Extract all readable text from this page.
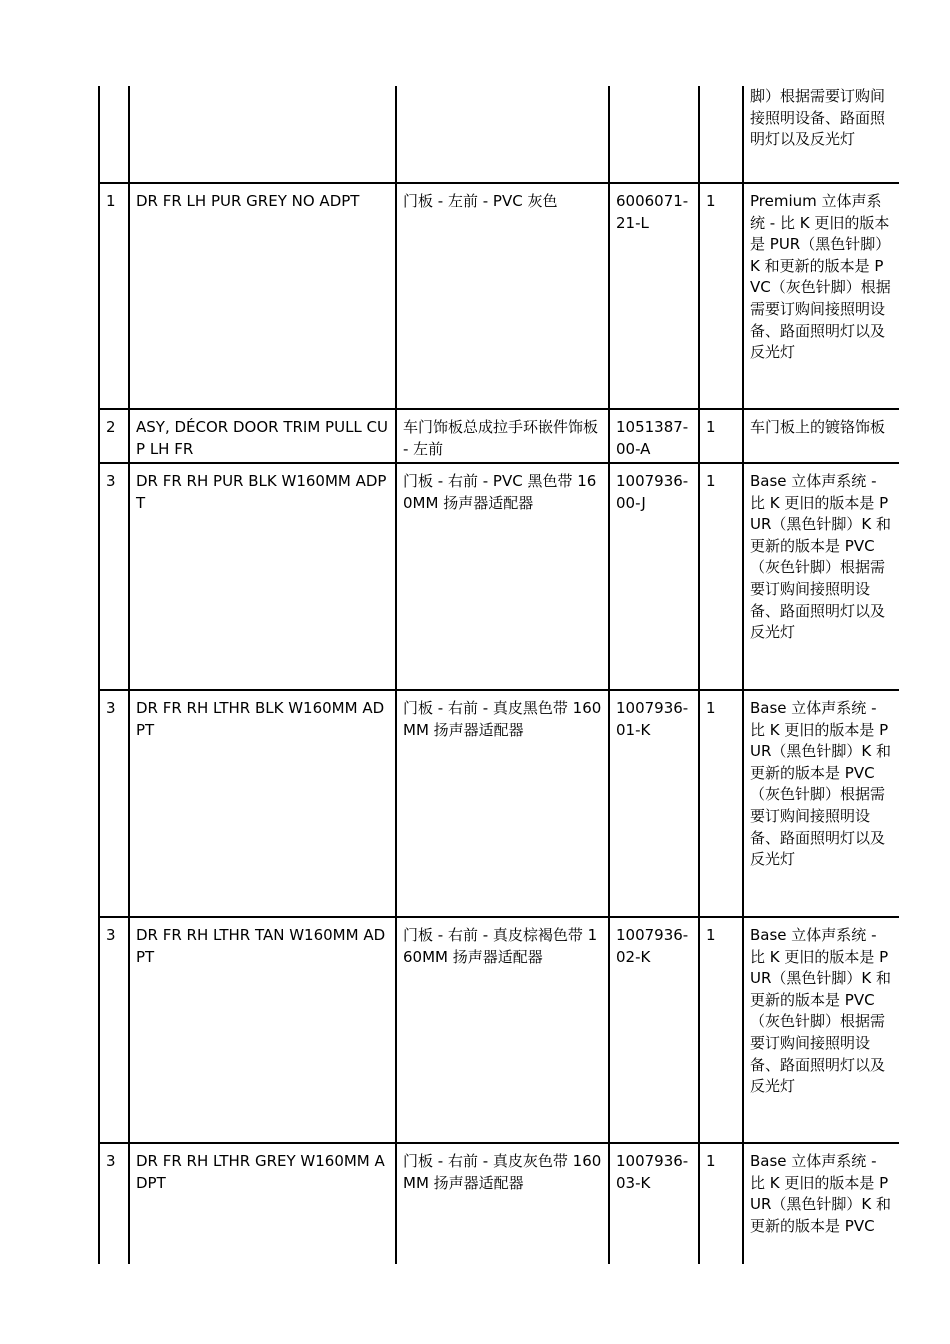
					脚）根据需要订购间接照明设备、路面照明灯以及反光灯
1	DR FR LH PUR GREY NO ADPT	门板 - 左前 - PVC 灰色	6006071-21-L	1	Premium 立体声系统 - 比 K 更旧的版本是 PUR（黑色针脚）K 和更新的版本是 PVC（灰色针脚）根据需要订购间接照明设备、路面照明灯以及反光灯
2	ASY, DÉCOR DOOR TRIM PULL CUP LH FR	车门饰板总成拉手环嵌件饰板 - 左前	1051387-00-A	1	车门板上的镀铬饰板
3	DR FR RH PUR BLK W160MM ADPT	门板 - 右前 - PVC 黑色带 160MM 扬声器适配器	1007936-00-J	1	Base 立体声系统 - 比 K 更旧的版本是 PUR（黑色针脚）K 和更新的版本是 PVC（灰色针脚）根据需要订购间接照明设备、路面照明灯以及反光灯
3	DR FR RH LTHR BLK W160MM ADPT	门板 - 右前 - 真皮黑色带 160MM 扬声器适配器	1007936-01-K	1	Base 立体声系统 - 比 K 更旧的版本是 PUR（黑色针脚）K 和更新的版本是 PVC（灰色针脚）根据需要订购间接照明设备、路面照明灯以及反光灯
3	DR FR RH LTHR TAN W160MM ADPT	门板 - 右前 - 真皮棕褐色带 160MM 扬声器适配器	1007936-02-K	1	Base 立体声系统 - 比 K 更旧的版本是 PUR（黑色针脚）K 和更新的版本是 PVC（灰色针脚）根据需要订购间接照明设备、路面照明灯以及反光灯
3	DR FR RH LTHR GREY W160MM ADPT	门板 - 右前 - 真皮灰色带 160MM 扬声器适配器	1007936-03-K	1	Base 立体声系统 - 比 K 更旧的版本是 PUR（黑色针脚）K 和更新的版本是 PVC
